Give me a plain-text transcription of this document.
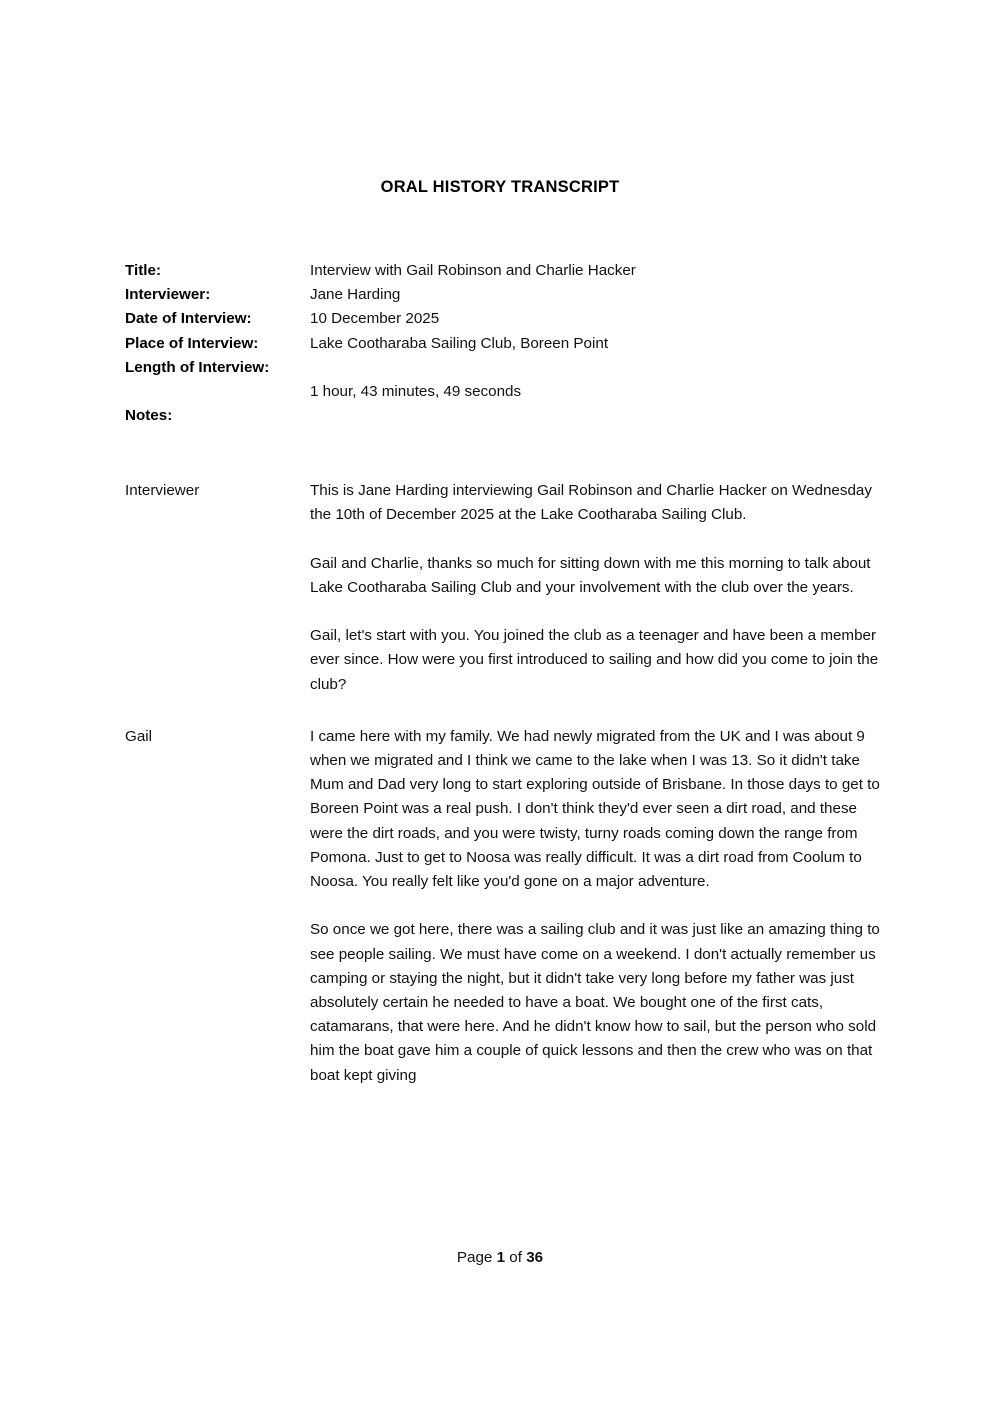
ORAL HISTORY TRANSCRIPT
Title:	Interview with Gail Robinson and Charlie Hacker
Interviewer:	Jane Harding
Date of Interview:	10 December 2025
Place of Interview:	Lake Cootharaba Sailing Club, Boreen Point
Length of Interview:
1 hour, 43 minutes, 49 seconds
Notes:
Interviewer	This is Jane Harding interviewing Gail Robinson and Charlie Hacker on Wednesday the 10th of December 2025 at the Lake Cootharaba Sailing Club.

Gail and Charlie, thanks so much for sitting down with me this morning to talk about Lake Cootharaba Sailing Club and your involvement with the club over the years.

Gail, let's start with you. You joined the club as a teenager and have been a member ever since. How were you first introduced to sailing and how did you come to join the club?

Gail	I came here with my family. We had newly migrated from the UK and I was about 9 when we migrated and I think we came to the lake when I was 13. So it didn't take Mum and Dad very long to start exploring outside of Brisbane. In those days to get to Boreen Point was a real push. I don't think they'd ever seen a dirt road, and these were the dirt roads, and you were twisty, turny roads coming down the range from Pomona. Just to get to Noosa was really difficult. It was a dirt road from Coolum to Noosa. You really felt like you'd gone on a major adventure.

So once we got here, there was a sailing club and it was just like an amazing thing to see people sailing. We must have come on a weekend. I don't actually remember us camping or staying the night, but it didn't take very long before my father was just absolutely certain he needed to have a boat. We bought one of the first cats, catamarans, that were here. And he didn't know how to sail, but the person who sold him the boat gave him a couple of quick lessons and then the crew who was on that boat kept giving

Page 1 of 36
